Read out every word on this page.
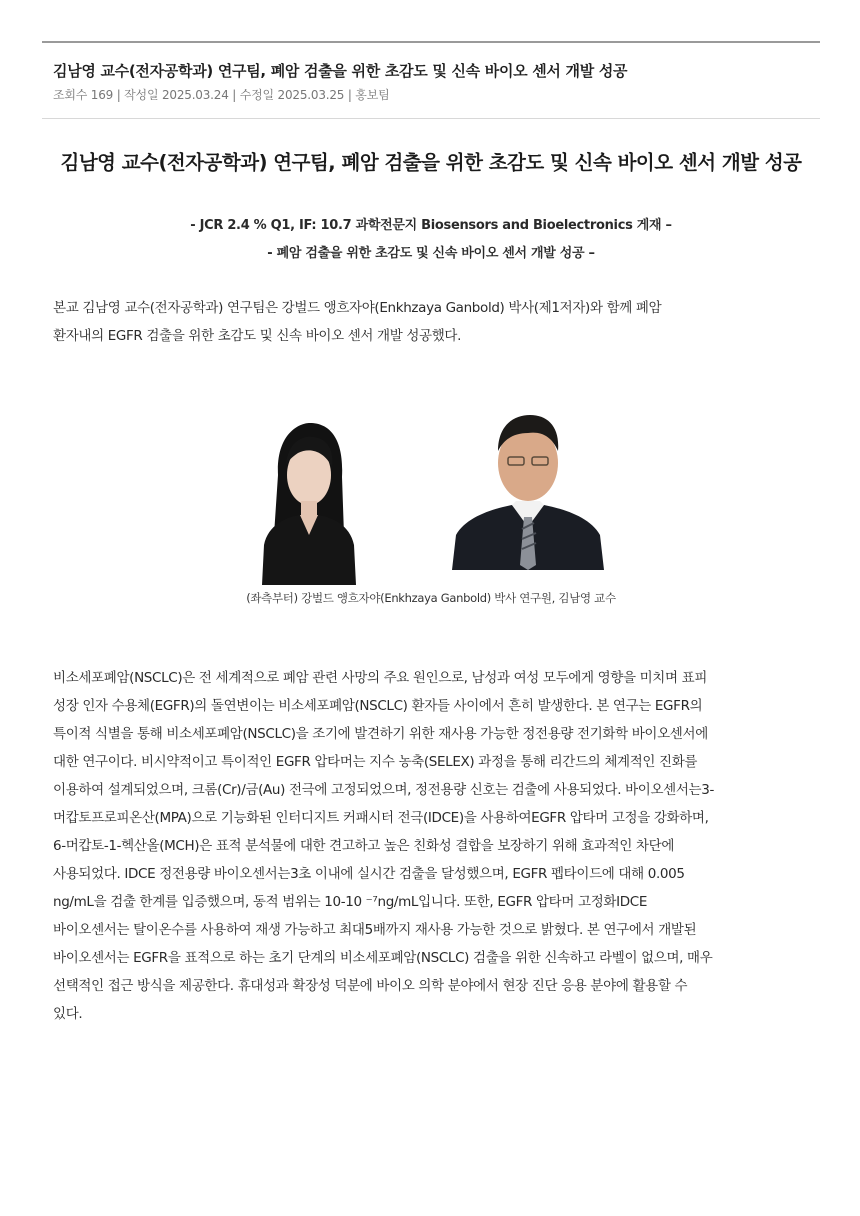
김남영 교수(전자공학과) 연구팀, 폐암 검출을 위한 초감도 및 신속 바이오 센서 개발 성공
조회수 169 | 작성일 2025.03.24 | 수정일 2025.03.25 | 홍보팀
김남영 교수(전자공학과) 연구팀, 폐암 검출을 위한 초감도 및 신속 바이오 센서 개발 성공
- JCR 2.4 % Q1, IF: 10.7 과학전문지 Biosensors and Bioelectronics 게재 –
- 폐암 검출을 위한 초감도 및 신속 바이오 센서 개발 성공 –
본교 김남영 교수(전자공학과) 연구팀은 강벌드 앵흐자야(Enkhzaya Ganbold) 박사(제1저자)와 함께 폐암
환자내의 EGFR 검출을 위한 초감도 및 신속 바이오 센서 개발 성공했다.
(좌측부터) 강벌드 앵흐자야(Enkhzaya Ganbold) 박사 연구원, 김남영 교수
비소세포폐암(NSCLC)은 전 세계적으로 폐암 관련 사망의 주요 원인으로, 남성과 여성 모두에게 영향을 미치며 표피
성장 인자 수용체(EGFR)의 돌연변이는 비소세포폐암(NSCLC) 환자들 사이에서 흔히 발생한다. 본 연구는 EGFR의
특이적 식별을 통해 비소세포폐암(NSCLC)을 조기에 발견하기 위한 재사용 가능한 정전용량 전기화학 바이오센서에
대한 연구이다. 비시약적이고 특이적인 EGFR 압타머는 지수 농축(SELEX) 과정을 통해 리간드의 체계적인 진화를
이용하여 설계되었으며, 크롬(Cr)/금(Au) 전극에 고정되었으며, 정전용량 신호는 검출에 사용되었다. 바이오센서는3-
머캅토프로피온산(MPA)으로 기능화된 인터디지트 커패시터 전극(IDCE)을 사용하여EGFR 압타머 고정을 강화하며,
6-머캅토-1-헥산올(MCH)은 표적 분석물에 대한 견고하고 높은 친화성 결합을 보장하기 위해 효과적인 차단에
사용되었다. IDCE 정전용량 바이오센서는3초 이내에 실시간 검출을 달성했으며, EGFR 펩타이드에 대해 0.005
ng/mL을 검출 한계를 입증했으며, 동적 범위는 10-10 ⁻⁷ng/mL입니다. 또한, EGFR 압타머 고정화IDCE
바이오센서는 탈이온수를 사용하여 재생 가능하고 최대5배까지 재사용 가능한 것으로 밝혔다. 본 연구에서 개발된
바이오센서는 EGFR을 표적으로 하는 초기 단계의 비소세포폐암(NSCLC) 검출을 위한 신속하고 라벨이 없으며, 매우
선택적인 접근 방식을 제공한다. 휴대성과 확장성 덕분에 바이오 의학 분야에서 현장 진단 응용 분야에 활용할 수
있다.
